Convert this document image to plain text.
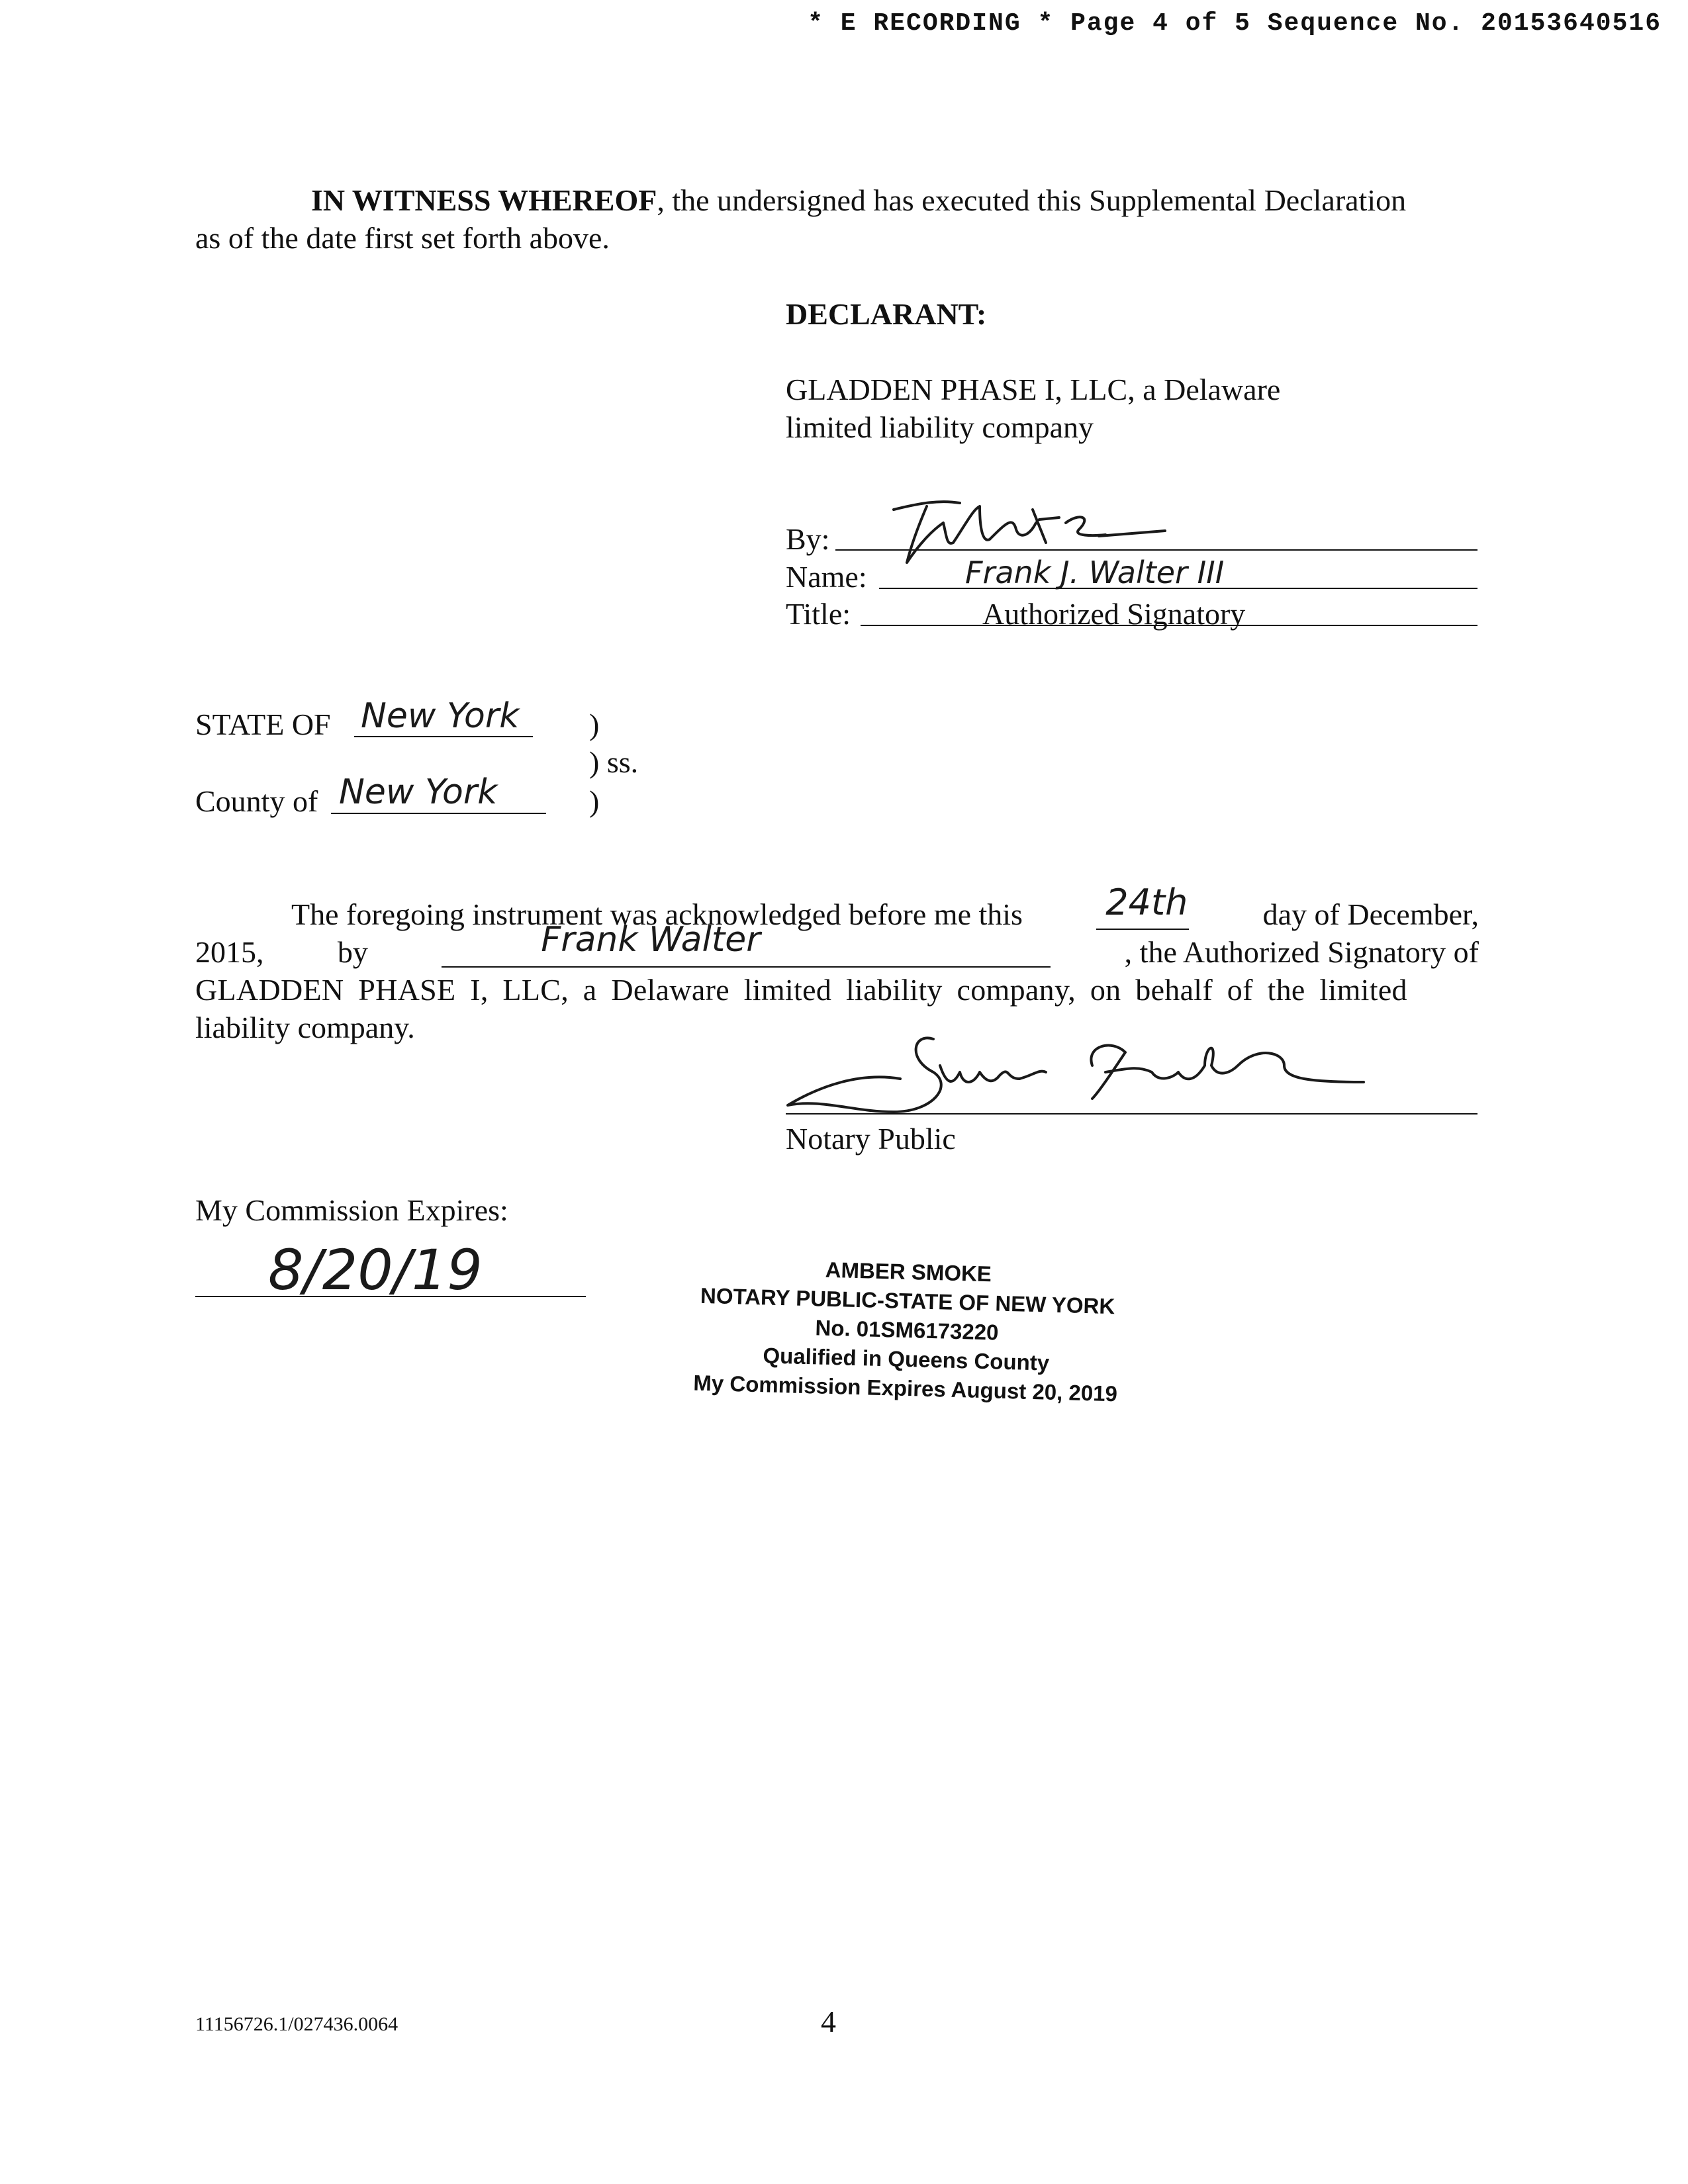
* E RECORDING * Page 4 of 5 Sequence No. 20153640516
IN WITNESS WHEREOF, the undersigned has executed this Supplemental Declaration
as of the date first set forth above.
DECLARANT:
GLADDEN PHASE I, LLC, a Delaware
limited liability company
By:
Name:	Frank J. Walter III
Title:	Authorized Signatory
STATE OF New York )
) ss.
County of New York	)
The foregoing instrument was acknowledged before me this 24th day of December,
2015, by	Frank Walter	, the Authorized Signatory of
GLADDEN PHASE I, LLC, a Delaware limited liability company, on behalf of the limited
liability company.
Notary Public
My Commission Expires:
8/20/19	AMBER SMOKE
NOTARY PUBLIC-STATE OF NEW YORK
No. 01SM6173220
Qualified in Queens County
My Commission Expires August 20, 2019
11156726.1/027436.0064	4
